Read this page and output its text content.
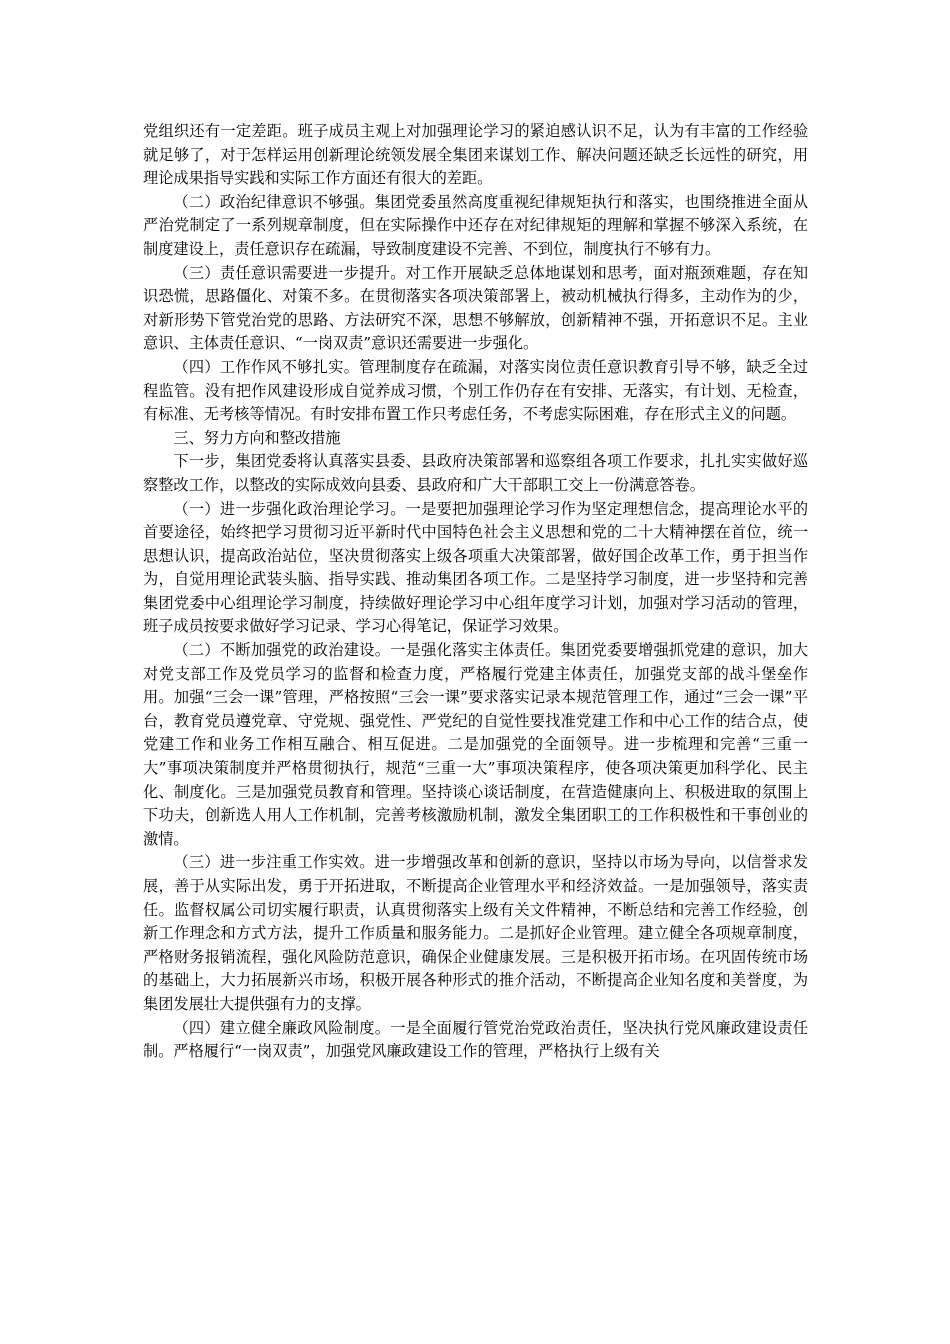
党组织还有一定差距。班子成员主观上对加强理论学习的紧迫感认识不足，认为有丰富的工作经验就足够了，对于怎样运用创新理论统领发展全集团来谋划工作、解决问题还缺乏长远性的研究，用理论成果指导实践和实际工作方面还有很大的差距。

（二）政治纪律意识不够强。集团党委虽然高度重视纪律规矩执行和落实，也围绕推进全面从严治党制定了一系列规章制度，但在实际操作中还存在对纪律规矩的理解和掌握不够深入系统，在制度建设上，责任意识存在疏漏，导致制度建设不完善、不到位，制度执行不够有力。

（三）责任意识需要进一步提升。对工作开展缺乏总体地谋划和思考，面对瓶颈难题，存在知识恐慌，思路僵化、对策不多。在贯彻落实各项决策部署上，被动机械执行得多，主动作为的少，对新形势下管党治党的思路、方法研究不深，思想不够解放，创新精神不强，开拓意识不足。主业意识、主体责任意识、“一岗双责”意识还需要进一步强化。

（四）工作作风不够扎实。管理制度存在疏漏，对落实岗位责任意识教育引导不够，缺乏全过程监管。没有把作风建设形成自觉养成习惯，个别工作仍存在有安排、无落实，有计划、无检查，有标准、无考核等情况。有时安排布置工作只考虑任务，不考虑实际困难，存在形式主义的问题。

三、努力方向和整改措施

下一步，集团党委将认真落实县委、县政府决策部署和巡察组各项工作要求，扎扎实实做好巡察整改工作，以整改的实际成效向县委、县政府和广大干部职工交上一份满意答卷。

（一）进一步强化政治理论学习。一是要把加强理论学习作为坚定理想信念，提高理论水平的首要途径，始终把学习贯彻习近平新时代中国特色社会主义思想和党的二十大精神摆在首位，统一思想认识，提高政治站位，坚决贯彻落实上级各项重大决策部署，做好国企改革工作，勇于担当作为，自觉用理论武装头脑、指导实践、推动集团各项工作。二是坚持学习制度，进一步坚持和完善集团党委中心组理论学习制度，持续做好理论学习中心组年度学习计划，加强对学习活动的管理，班子成员按要求做好学习记录、学习心得笔记，保证学习效果。

（二）不断加强党的政治建设。一是强化落实主体责任。集团党委要增强抓党建的意识，加大对党支部工作及党员学习的监督和检查力度，严格履行党建主体责任，加强党支部的战斗堡垒作用。加强“三会一课”管理，严格按照“三会一课”要求落实记录本规范管理工作，通过“三会一课”平台，教育党员遵党章、守党规、强党性、严党纪的自觉性要找准党建工作和中心工作的结合点，使党建工作和业务工作相互融合、相互促进。二是加强党的全面领导。进一步梳理和完善“三重一大”事项决策制度并严格贯彻执行，规范“三重一大”事项决策程序，使各项决策更加科学化、民主化、制度化。三是加强党员教育和管理。坚持谈心谈话制度，在营造健康向上、积极进取的氛围上下功夫，创新选人用人工作机制，完善考核激励机制，激发全集团职工的工作积极性和干事创业的激情。

（三）进一步注重工作实效。进一步增强改革和创新的意识，坚持以市场为导向，以信誉求发展，善于从实际出发，勇于开拓进取，不断提高企业管理水平和经济效益。一是加强领导，落实责任。监督权属公司切实履行职责，认真贯彻落实上级有关文件精神，不断总结和完善工作经验，创新工作理念和方式方法，提升工作质量和服务能力。二是抓好企业管理。建立健全各项规章制度，严格财务报销流程，强化风险防范意识，确保企业健康发展。三是积极开拓市场。在巩固传统市场的基础上，大力拓展新兴市场，积极开展各种形式的推介活动，不断提高企业知名度和美誉度，为集团发展壮大提供强有力的支撑。

（四）建立健全廉政风险制度。一是全面履行管党治党政治责任，坚决执行党风廉政建设责任制。严格履行“一岗双责”，加强党风廉政建设工作的管理，严格执行上级有关
